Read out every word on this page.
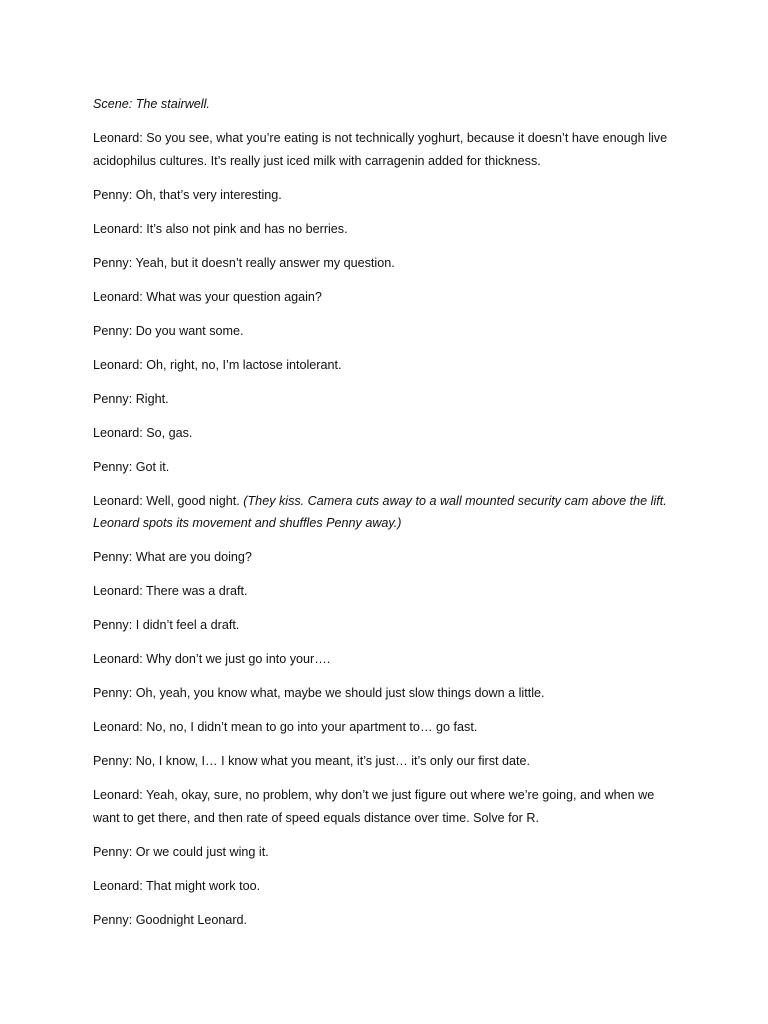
Scene: The stairwell.

Leonard: So you see, what you’re eating is not technically yoghurt, because it doesn’t have enough live acidophilus cultures. It’s really just iced milk with carragenin added for thickness.

Penny: Oh, that’s very interesting.

Leonard: It’s also not pink and has no berries.

Penny: Yeah, but it doesn’t really answer my question.

Leonard: What was your question again?

Penny: Do you want some.

Leonard: Oh, right, no, I’m lactose intolerant.

Penny: Right.

Leonard: So, gas.

Penny: Got it.

Leonard: Well, good night. (They kiss. Camera cuts away to a wall mounted security cam above the lift. Leonard spots its movement and shuffles Penny away.)

Penny: What are you doing?

Leonard: There was a draft.

Penny: I didn’t feel a draft.

Leonard: Why don’t we just go into your….

Penny: Oh, yeah, you know what, maybe we should just slow things down a little.

Leonard: No, no, I didn’t mean to go into your apartment to… go fast.

Penny: No, I know, I… I know what you meant, it’s just… it’s only our first date.

Leonard: Yeah, okay, sure, no problem, why don’t we just figure out where we’re going, and when we want to get there, and then rate of speed equals distance over time. Solve for R.

Penny: Or we could just wing it.

Leonard: That might work too.

Penny: Goodnight Leonard.
